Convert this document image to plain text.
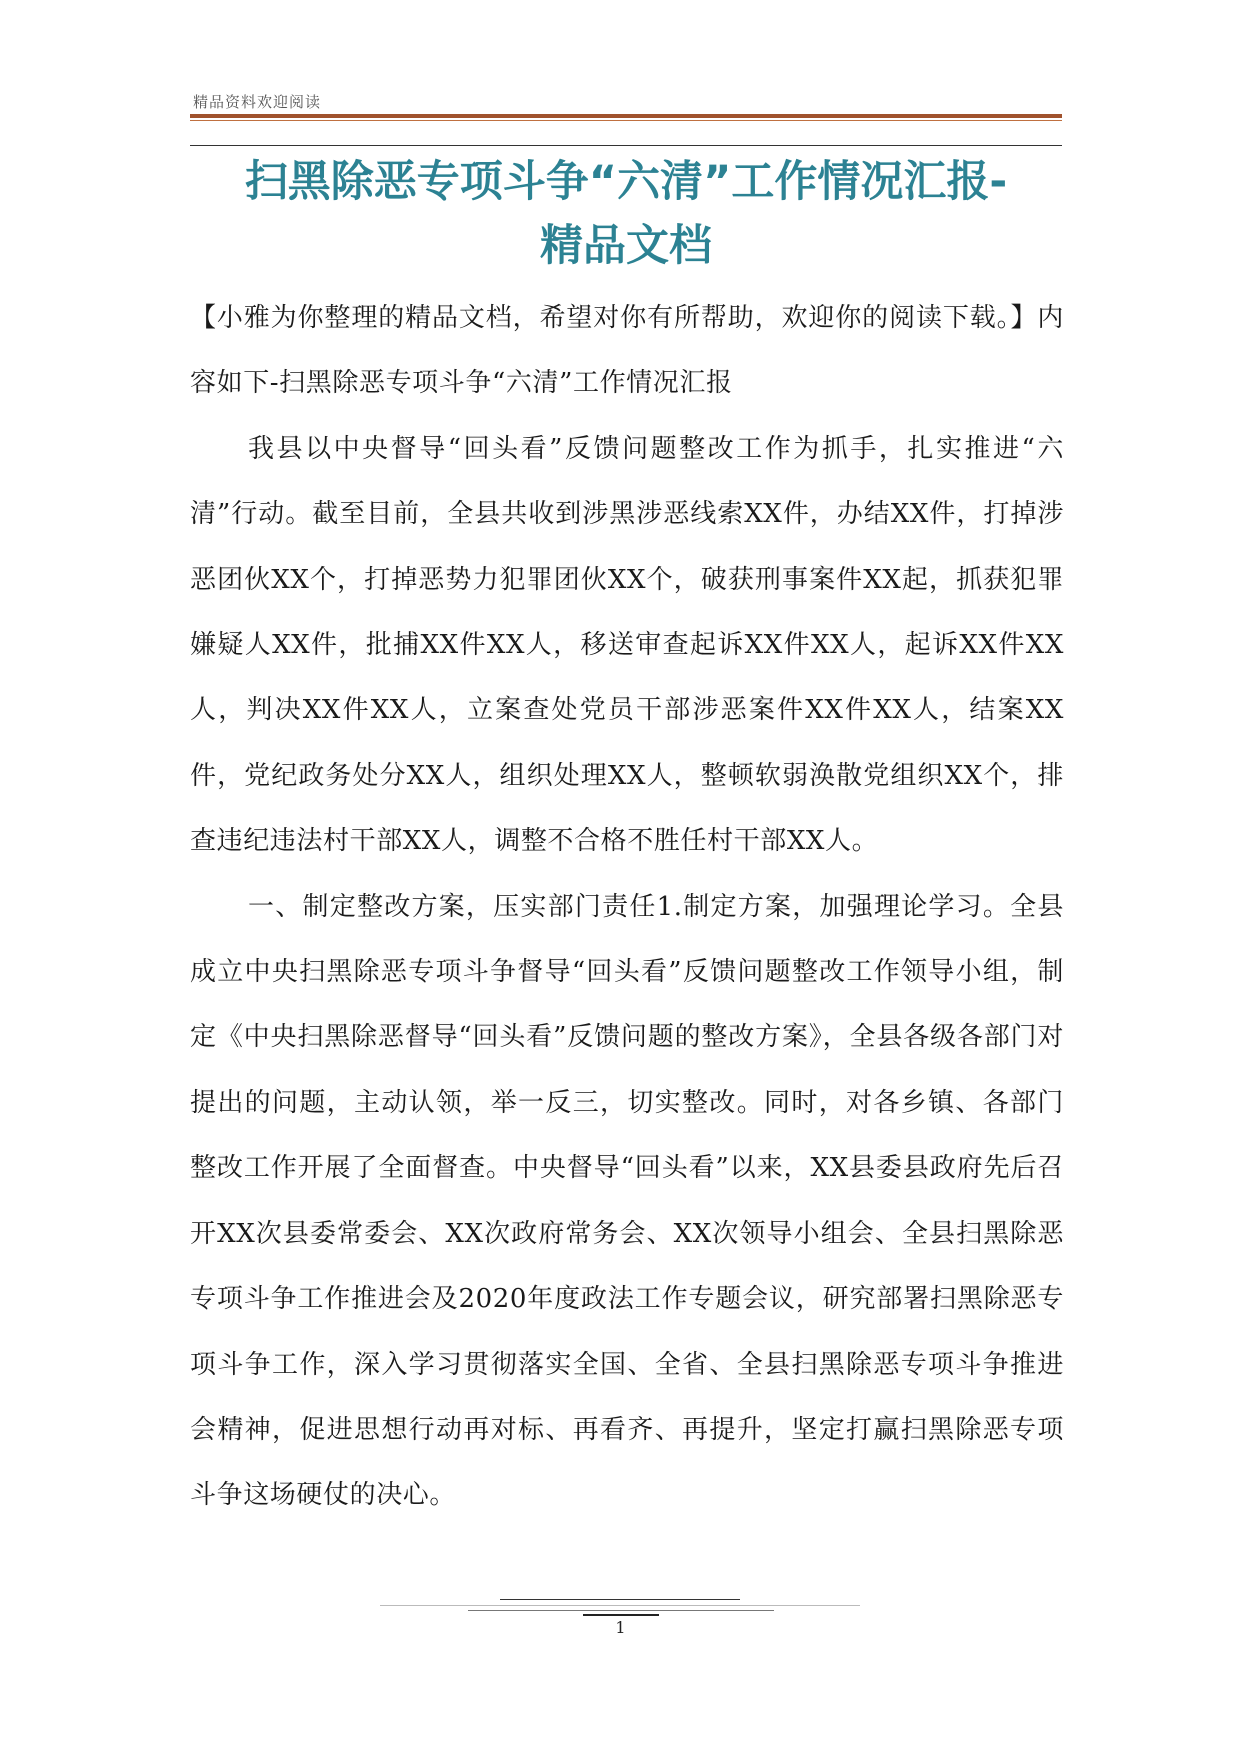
精品资料欢迎阅读
扫黑除恶专项斗争“六清”工作情况汇报-
精品文档

【小雅为你整理的精品文档，希望对你有所帮助，欢迎你的阅读下载。】内容如下-扫黑除恶专项斗争“六清”工作情况汇报

我县以中央督导“回头看”反馈问题整改工作为抓手，扎实推进“六清”行动。截至目前，全县共收到涉黑涉恶线索XX件，办结XX件，打掉涉恶团伙XX个，打掉恶势力犯罪团伙XX个，破获刑事案件XX起，抓获犯罪嫌疑人XX件，批捕XX件XX人，移送审查起诉XX件XX人，起诉XX件XX人，判决XX件XX人，立案查处党员干部涉恶案件XX件XX人，结案XX件，党纪政务处分XX人，组织处理XX人，整顿软弱涣散党组织XX个，排查违纪违法村干部XX人，调整不合格不胜任村干部XX人。

一、制定整改方案，压实部门责任1.制定方案，加强理论学习。全县成立中央扫黑除恶专项斗争督导“回头看”反馈问题整改工作领导小组，制定《中央扫黑除恶督导“回头看”反馈问题的整改方案》，全县各级各部门对提出的问题，主动认领，举一反三，切实整改。同时，对各乡镇、各部门整改工作开展了全面督查。中央督导“回头看”以来，XX县委县政府先后召开XX次县委常委会、XX次政府常务会、XX次领导小组会、全县扫黑除恶专项斗争工作推进会及2020年度政法工作专题会议，研究部署扫黑除恶专项斗争工作，深入学习贯彻落实全国、全省、全县扫黑除恶专项斗争推进会精神，促进思想行动再对标、再看齐、再提升，坚定打赢扫黑除恶专项斗争这场硬仗的决心。

1
